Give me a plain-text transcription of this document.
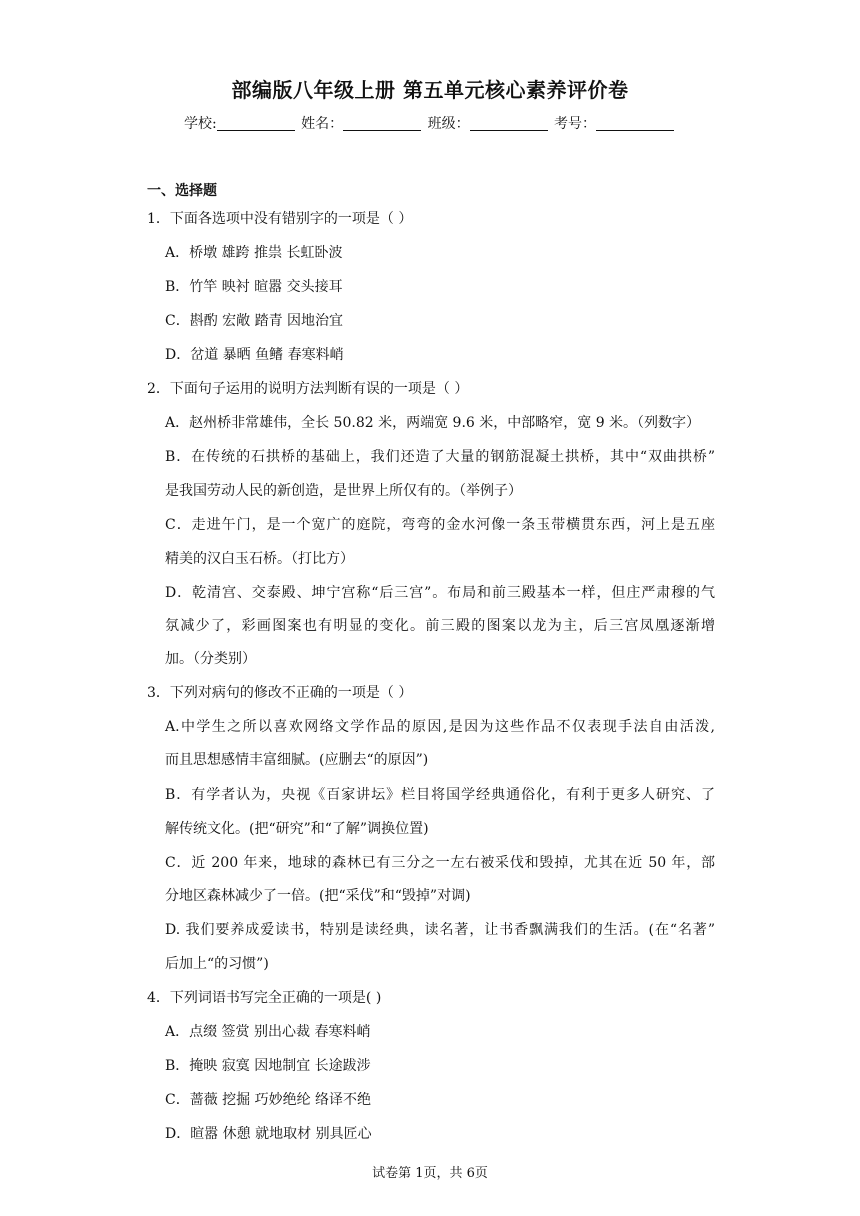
部编版八年级上册 第五单元核心素养评价卷
学校:	姓名：	班级：	考号：
一、选择题
1．下面各选项中没有错别字的一项是（ ）
A．桥墩 雄跨 推祟 长虹卧波
B．竹竿 映衬 暄嚣 交头接耳
C．斟酌 宏敞 踏青 因地治宜
D．岔道 暴晒 鱼鳍 春寒料峭
2．下面句子运用的说明方法判断有误的一项是（ ）
A．赵州桥非常雄伟，全长 50.82 米，两端宽 9.6 米，中部略窄，宽 9 米。（列数字）
B．在传统的石拱桥的基础上，我们还造了大量的钢筋混凝土拱桥，其中“双曲拱桥”
是我国劳动人民的新创造，是世界上所仅有的。（举例子）
C．走进午门，是一个宽广的庭院，弯弯的金水河像一条玉带横贯东西，河上是五座
精美的汉白玉石桥。（打比方）
D．乾清宫、交泰殿、坤宁宫称“后三宫”。布局和前三殿基本一样，但庄严肃穆的气
氛减少了，彩画图案也有明显的变化。前三殿的图案以龙为主，后三宫凤凰逐渐增
加。（分类别）
3．下列对病句的修改不正确的一项是（ ）
A.中学生之所以喜欢网络文学作品的原因,是因为这些作品不仅表现手法自由活泼,
而且思想感情丰富细腻。(应删去“的原因”)
B．有学者认为，央视《百家讲坛》栏目将国学经典通俗化，有利于更多人研究、了
解传统文化。(把“研究”和“了解”调换位置)
C．近 200 年来，地球的森林已有三分之一左右被采伐和毁掉，尤其在近 50 年，部
分地区森林减少了一倍。(把“采伐”和“毁掉”对调)
D. 我们要养成爱读书，特别是读经典，读名著，让书香飘满我们的生活。(在“名著”
后加上“的习惯”)
4．下列词语书写完全正确的一项是( )
A．点缀 签赏 别出心裁 春寒料峭
B．掩映 寂寞 因地制宜 长途跋涉
C．蔷薇 挖掘 巧妙绝纶 络译不绝
D．暄嚣 休憩 就地取材 别具匠心
试卷第 1页，共 6页
